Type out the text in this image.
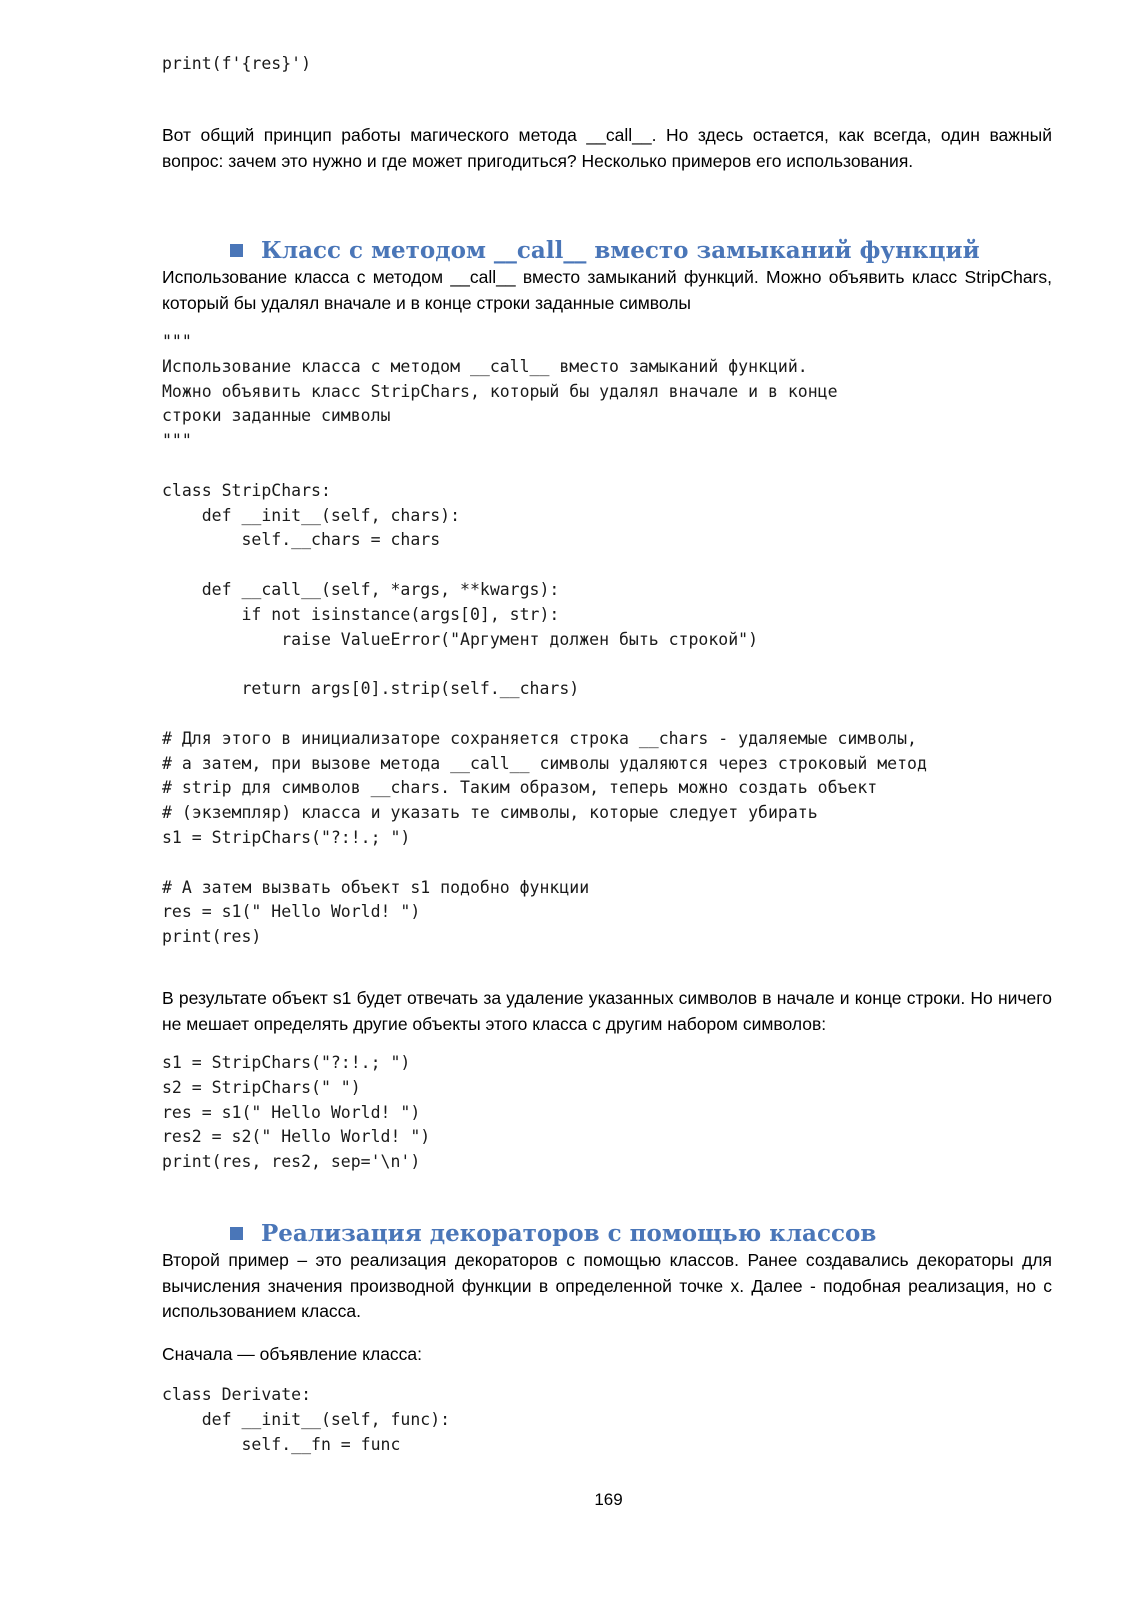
print(f'{res}')

Вот общий принцип работы магического метода __call__. Но здесь остается, как всегда, один важный вопрос: зачем это нужно и где может пригодиться? Несколько примеров его использования.

Класс с методом __call__ вместо замыканий функций

Использование класса с методом __call__ вместо замыканий функций. Можно объявить класс StripChars, который бы удалял вначале и в конце строки заданные символы

"""
Использование класса с методом __call__ вместо замыканий функций.
Можно объявить класс StripChars, который бы удалял вначале и в конце
строки заданные символы
"""

class StripChars:
def __init__(self, chars):
self.__chars = chars

def __call__(self, *args, **kwargs):
if not isinstance(args[0], str):
raise ValueError("Аргумент должен быть строкой")

return args[0].strip(self.__chars)

# Для этого в инициализаторе сохраняется строка __chars - удаляемые символы,
# а затем, при вызове метода __call__ символы удаляются через строковый метод
# strip для символов __chars. Таким образом, теперь можно создать объект
# (экземпляр) класса и указать те символы, которые следует убирать
s1 = StripChars("?:!.; ")

# А затем вызвать объект s1 подобно функции
res = s1(" Hello World! ")
print(res)

В результате объект s1 будет отвечать за удаление указанных символов в начале и конце строки. Но ничего не мешает определять другие объекты этого класса с другим набором символов:

s1 = StripChars("?:!.; ")
s2 = StripChars(" ")
res = s1(" Hello World! ")
res2 = s2(" Hello World! ")
print(res, res2, sep='\n')
Реализация декораторов с помощью классов

Второй пример – это реализация декораторов с помощью классов. Ранее создавались декораторы для вычисления значения производной функции в определенной точке x. Далее - подобная реализация, но с использованием класса.

Сначала — объявление класса:

class Derivate:
def __init__(self, func):
self.__fn = func
169
